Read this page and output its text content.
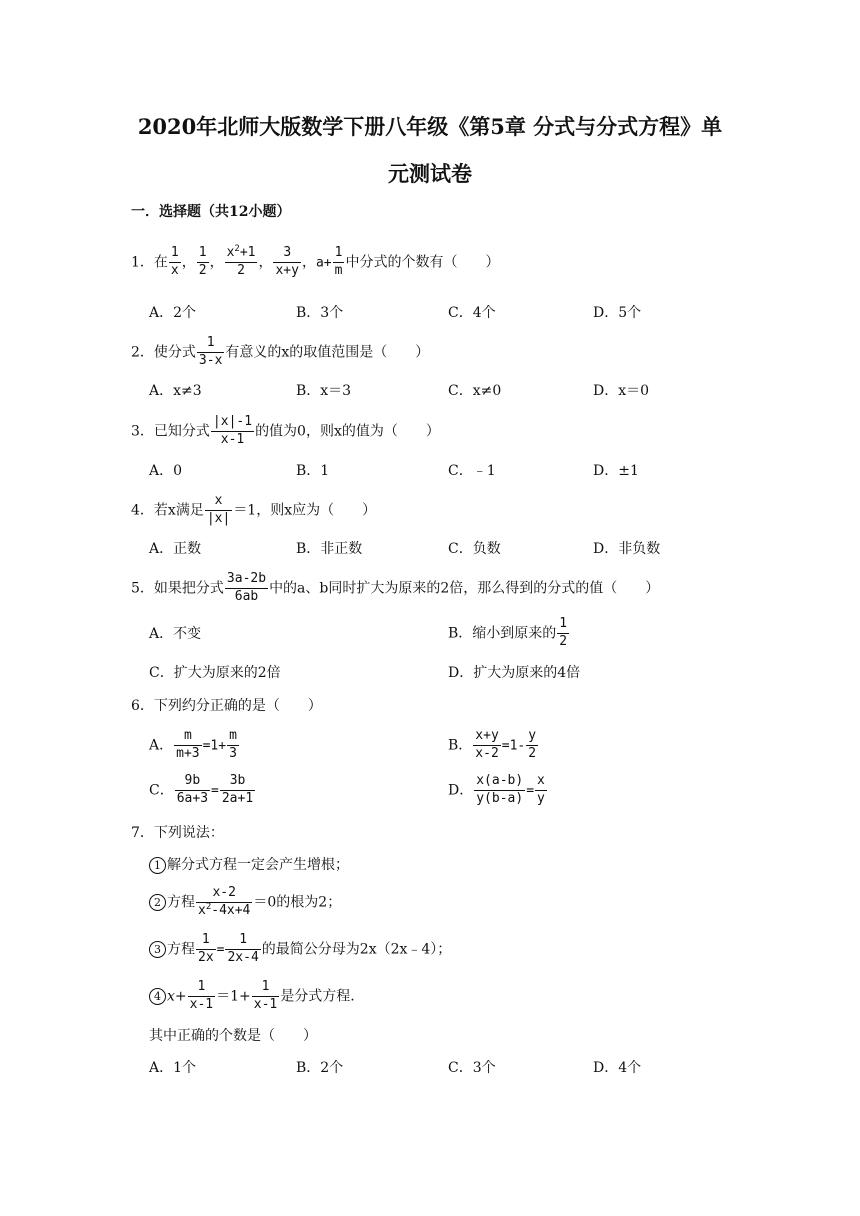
2020年北师大版数学下册八年级《第5章 分式与分式方程》单
元测试卷
一．选择题（共12小题）
1．在 $\frac{1}{x}$ ， $\frac{1}{2}$ ， $\frac{x^2+1}{2}$ ， $\frac{3}{x+y}$ ，$a+ \frac{1}{m}$ 中分式的个数有（　　）
A．2个	B．3个	C．4个	D．5个
2．使分式 $\frac{1}{3-x}$ 有意义的x的取值范围是（　　）
A．x≠3	B．x＝3	C．x≠0	D．x＝0
3．已知分式 $\frac{|x|-1}{x-1}$ 的值为0，则x的值为（　　）
A．0	B．1	C．﹣1	D．±1
4．若x满足 $\frac{x}{|x|} =1$，则x应为（　　）
A．正数	B．非正数	C．负数	D．非负数
5．如果把分式 $\frac{3a-2b}{6ab}$ 中的a、b同时扩大为原来的2倍，那么得到的分式的值（　　）
A．不变	B．缩小到原来的 $\frac{1}{2}$
C．扩大为原来的2倍	D．扩大为原来的4倍
6．下列约分正确的是（　　）
A． $\frac{m}{m+3} =1+ \frac{m}{3}$	B． $\frac{x+y}{x-2} =1- \frac{y}{2}$
C． $\frac{9b}{6a+3} = \frac{3b}{2a+1}$	D． $\frac{x(a-b)}{y(b-a)} = \frac{x}{y}$
7．下列说法：
1 解分式方程一定会产生增根；
2 方程 $\frac{x-2}{x^2-4x+4} =0$的根为2；
3 方程 $\frac{1}{2x} = \frac{1}{2x-4}$ 的最简公分母为2x（2x﹣4）；
4 $x+ \frac{1}{x-1} =1+ \frac{1}{x-1}$ 是分式方程.
其中正确的个数是（　　）
A．1个	B．2个	C．3个	D．4个
